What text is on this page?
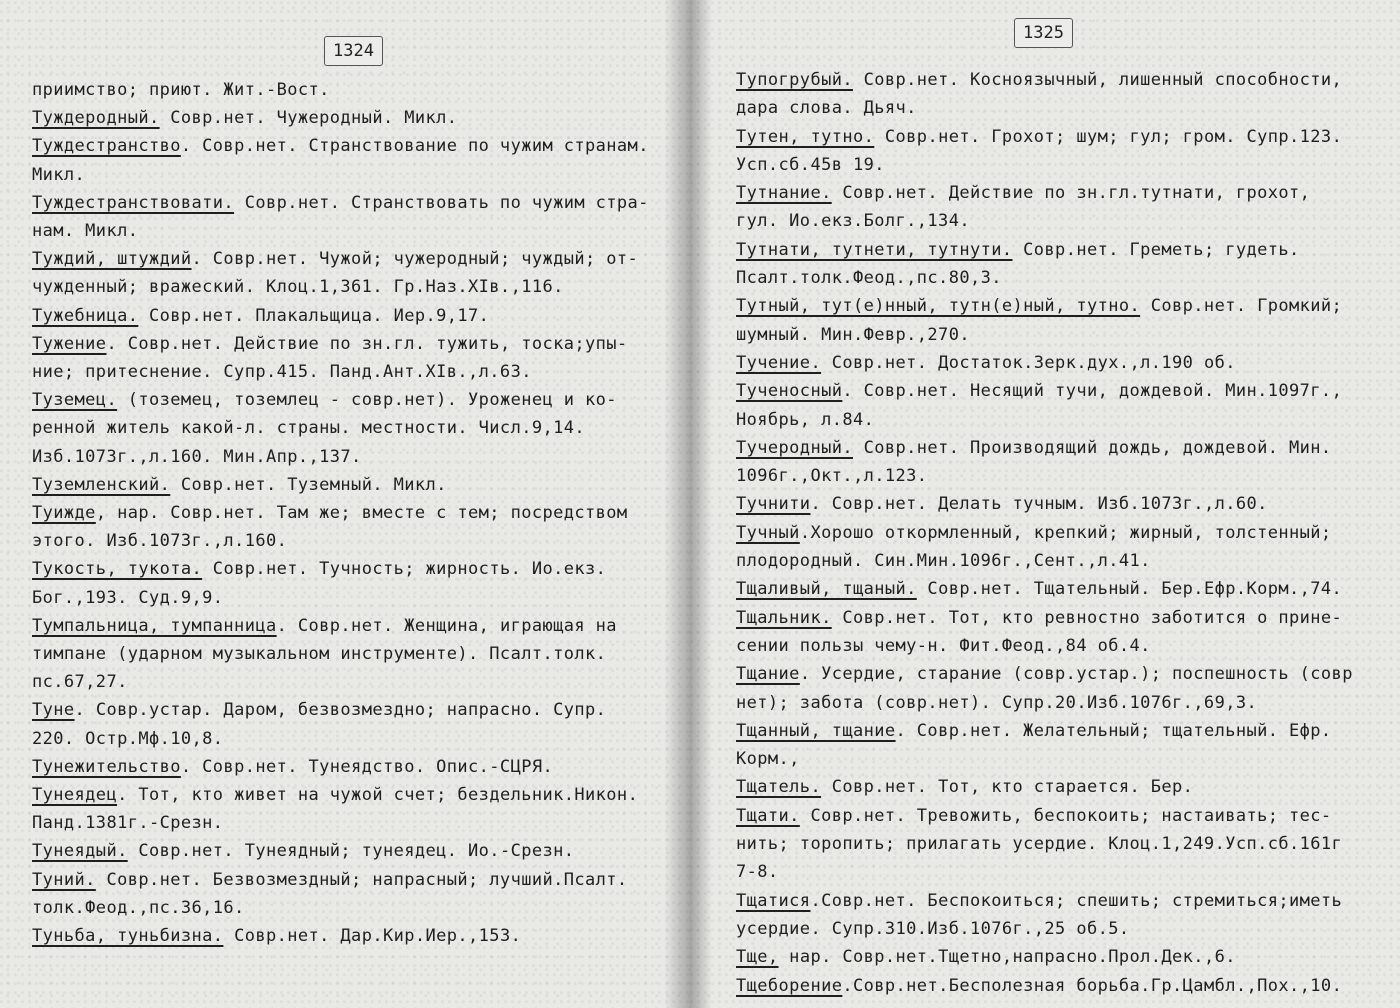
1324
приимство; приют. Жит.-Вост.
Туждеродный. Совр.нет. Чужеродный. Микл.
Туждестранство. Совр.нет. Странствование по чужим странам.
Микл.
Туждестранствовати. Совр.нет. Странствовать по чужим стра-
нам. Микл.
Туждий, штуждий. Совр.нет. Чужой; чужеродный; чуждый; от-
чужденный; вражеский. Клоц.1,361. Гр.Наз.XIв.,116.
Тужебница. Совр.нет. Плакальщица. Иер.9,17.
Тужение. Совр.нет. Действие по зн.гл. тужить, тоска;упы-
ние; притеснение. Супр.415. Панд.Ант.XIв.,л.63.
Туземец. (тоземец, тоземлец - совр.нет). Уроженец и ко-
ренной житель какой-л. страны. местности. Числ.9,14.
Изб.1073г.,л.160. Мин.Апр.,137.
Туземленский. Совр.нет. Туземный. Микл.
Туижде, нар. Совр.нет. Там же; вместе с тем; посредством
этого. Изб.1073г.,л.160.
Тукость, тукота. Совр.нет. Тучность; жирность. Ио.екз.
Бог.,193. Суд.9,9.
Тумпальница, тумпанница. Совр.нет. Женщина, играющая на
тимпане (ударном музыкальном инструменте). Псалт.толк.
пс.67,27.
Туне. Совр.устар. Даром, безвозмездно; напрасно. Супр.
220. Остр.Мф.10,8.
Тунежительство. Совр.нет. Тунеядство. Опис.-СЦРЯ.
Тунеядец. Тот, кто живет на чужой счет; бездельник.Никон.
Панд.1381г.-Срезн.
Тунеядый. Совр.нет. Тунеядный; тунеядец. Ио.-Срезн.
Туний. Совр.нет. Безвозмездный; напрасный; лучший.Псалт.
толк.Феод.,пс.36,16.
Туньба, туньбизна. Совр.нет. Дар.Кир.Иер.,153.
1325
Тупогрубый. Совр.нет. Косноязычный, лишенный способности,
дара слова. Дьяч.
Тутен, тутно. Совр.нет. Грохот; шум; гул; гром. Супр.123.
Усп.сб.45в 19.
Тутнание. Совр.нет. Действие по зн.гл.тутнати, грохот,
гул. Ио.екз.Болг.,134.
Тутнати, тутнети, тутнути. Совр.нет. Греметь; гудеть.
Псалт.толк.Феод.,пс.80,3.
Тутный, тут(е)нный, тутн(е)ный, тутно. Совр.нет. Громкий;
шумный. Мин.Февр.,270.
Тучение. Совр.нет. Достаток.Зерк.дух.,л.190 об.
Тученосный. Совр.нет. Несящий тучи, дождевой. Мин.1097г.,
Ноябрь, л.84.
Тучеродный. Совр.нет. Производящий дождь, дождевой. Мин.
1096г.,Окт.,л.123.
Тучнити. Совр.нет. Делать тучным. Изб.1073г.,л.60.
Тучный.Хорошо откормленный, крепкий; жирный, толстенный;
плодородный. Син.Мин.1096г.,Сент.,л.41.
Тщаливый, тщаный. Совр.нет. Тщательный. Бер.Ефр.Корм.,74.
Тщальник. Совр.нет. Тот, кто ревностно заботится о принe-
сении пользы чему-н. Фит.Феод.,84 об.4.
Тщание. Усердие, старание (совр.устар.); поспешность (совр
нет); забота (совр.нет). Супр.20.Изб.1076г.,69,3.
Тщанный, тщание. Совр.нет. Желательный; тщательный. Ефр.
Корм.,
Тщатель. Совр.нет. Тот, кто старается. Бер.
Тщати. Совр.нет. Тревожить, беспокоить; настаивать; тес-
нить; торопить; прилагать усердие. Клоц.1,249.Усп.сб.161г
7-8.
Тщатися.Совр.нет. Беспокоиться; спешить; стремиться;иметь
усердие. Супр.310.Изб.1076г.,25 об.5.
Тще, нар. Совр.нет.Тщетно,напрасно.Прол.Дек.,6.
Тщеборение.Совр.нет.Бесполезная борьба.Гр.Цамбл.,Пох.,10.
